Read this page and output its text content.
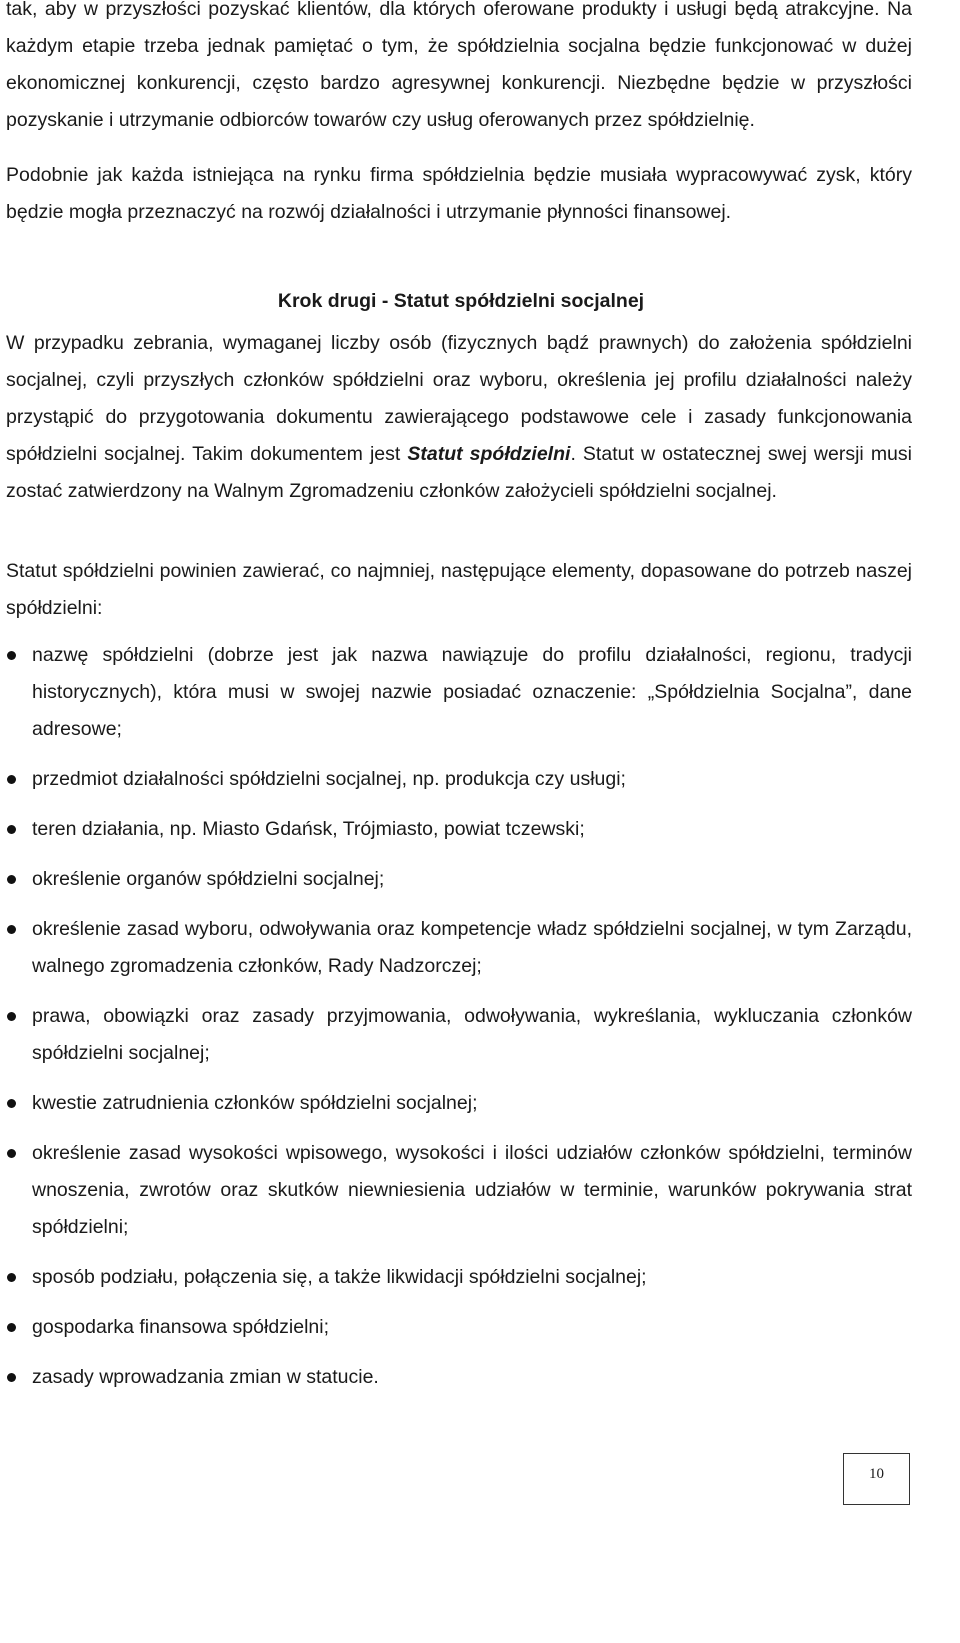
tak, aby w przyszłości pozyskać klientów, dla których oferowane produkty i usługi będą atrakcyjne. Na każdym etapie trzeba jednak pamiętać o tym, że spółdzielnia socjalna będzie funkcjonować w dużej ekonomicznej konkurencji, często bardzo agresywnej konkurencji. Niezbędne będzie w przyszłości pozyskanie i utrzymanie odbiorców towarów czy usług oferowanych przez spółdzielnię.

Podobnie jak każda istniejąca na rynku firma spółdzielnia będzie musiała wypracowywać zysk, który będzie mogła przeznaczyć na rozwój działalności i utrzymanie płynności finansowej.

Krok drugi - Statut spółdzielni socjalnej

W przypadku zebrania, wymaganej liczby osób (fizycznych bądź prawnych) do założenia spółdzielni socjalnej, czyli przyszłych członków spółdzielni oraz wyboru, określenia jej profilu działalności należy przystąpić do przygotowania dokumentu zawierającego podstawowe cele i zasady funkcjonowania spółdzielni socjalnej. Takim dokumentem jest Statut spółdzielni. Statut w ostatecznej swej wersji musi zostać zatwierdzony na Walnym Zgromadzeniu członków założycieli spółdzielni socjalnej.

Statut spółdzielni powinien zawierać, co najmniej, następujące elementy, dopasowane do potrzeb naszej spółdzielni:

nazwę spółdzielni (dobrze jest jak nazwa nawiązuje do profilu działalności, regionu, tradycji historycznych), która musi w swojej nazwie posiadać oznaczenie: „Spółdzielnia Socjalna”, dane adresowe;
przedmiot działalności spółdzielni socjalnej, np. produkcja czy usługi;
teren działania, np. Miasto Gdańsk, Trójmiasto, powiat tczewski;
określenie organów spółdzielni socjalnej;
określenie zasad wyboru, odwoływania oraz kompetencje władz spółdzielni socjalnej, w tym Zarządu, walnego zgromadzenia członków, Rady Nadzorczej;
prawa, obowiązki oraz zasady przyjmowania, odwoływania, wykreślania, wykluczania członków spółdzielni socjalnej;
kwestie zatrudnienia członków spółdzielni socjalnej;
określenie zasad wysokości wpisowego, wysokości i ilości udziałów członków spółdzielni, terminów wnoszenia, zwrotów oraz skutków niewniesienia udziałów w terminie, warunków pokrywania strat spółdzielni;
sposób podziału, połączenia się, a także likwidacji spółdzielni socjalnej;
gospodarka finansowa spółdzielni;
zasady wprowadzania zmian w statucie.
10
